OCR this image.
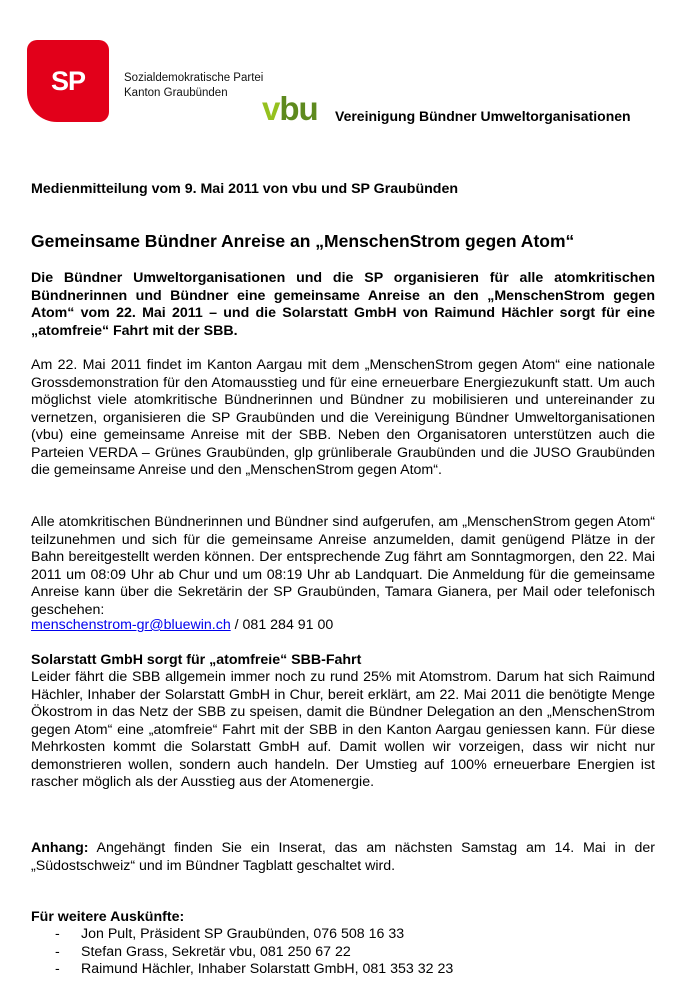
SP	Sozialdemokratische Partei
Kanton Graubünden	vbu Vereinigung Bündner Umweltorganisationen
Medienmitteilung vom 9. Mai 2011 von vbu und SP Graubünden
Gemeinsame Bündner Anreise an „MenschenStrom gegen Atom“
Die Bündner Umweltorganisationen und die SP organisieren für alle atomkritischen Bündnerinnen und Bündner eine gemeinsame Anreise an den „MenschenStrom gegen Atom“ vom 22. Mai 2011 – und die Solarstatt GmbH von Raimund Hächler sorgt für eine „atomfreie“ Fahrt mit der SBB.
Am 22. Mai 2011 findet im Kanton Aargau mit dem „MenschenStrom gegen Atom“ eine nationale Grossdemonstration für den Atomausstieg und für eine erneuerbare Energiezukunft statt. Um auch möglichst viele atomkritische Bündnerinnen und Bündner zu mobilisieren und untereinander zu vernetzen, organisieren die SP Graubünden und die Vereinigung Bündner Umweltorganisationen (vbu) eine gemeinsame Anreise mit der SBB. Neben den Organisatoren unterstützen auch die Parteien VERDA – Grünes Graubünden, glp grünliberale Graubünden und die JUSO Graubünden die gemeinsame Anreise und den „MenschenStrom gegen Atom“.
Alle atomkritischen Bündnerinnen und Bündner sind aufgerufen, am „MenschenStrom gegen Atom“ teilzunehmen und sich für die gemeinsame Anreise anzumelden, damit genügend Plätze in der Bahn bereitgestellt werden können. Der entsprechende Zug fährt am Sonntagmorgen, den 22. Mai 2011 um 08:09 Uhr ab Chur und um 08:19 Uhr ab Landquart. Die Anmeldung für die gemeinsame Anreise kann über die Sekretärin der SP Graubünden, Tamara Gianera, per Mail oder telefonisch geschehen:
menschenstrom-gr@bluewin.ch / 081 284 91 00
Solarstatt GmbH sorgt für „atomfreie“ SBB-Fahrt
Leider fährt die SBB allgemein immer noch zu rund 25% mit Atomstrom. Darum hat sich Raimund Hächler, Inhaber der Solarstatt GmbH in Chur, bereit erklärt, am 22. Mai 2011 die benötigte Menge Ökostrom in das Netz der SBB zu speisen, damit die Bündner Delegation an den „MenschenStrom gegen Atom“ eine „atomfreie“ Fahrt mit der SBB in den Kanton Aargau geniessen kann. Für diese Mehrkosten kommt die Solarstatt GmbH auf. Damit wollen wir vorzeigen, dass wir nicht nur demonstrieren wollen, sondern auch handeln. Der Umstieg auf 100% erneuerbare Energien ist rascher möglich als der Ausstieg aus der Atomenergie.
Anhang: Angehängt finden Sie ein Inserat, das am nächsten Samstag am 14. Mai in der „Südostschweiz“ und im Bündner Tagblatt geschaltet wird.
Für weitere Auskünfte:
- Jon Pult, Präsident SP Graubünden, 076 508 16 33
- Stefan Grass, Sekretär vbu, 081 250 67 22
- Raimund Hächler, Inhaber Solarstatt GmbH, 081 353 32 23
